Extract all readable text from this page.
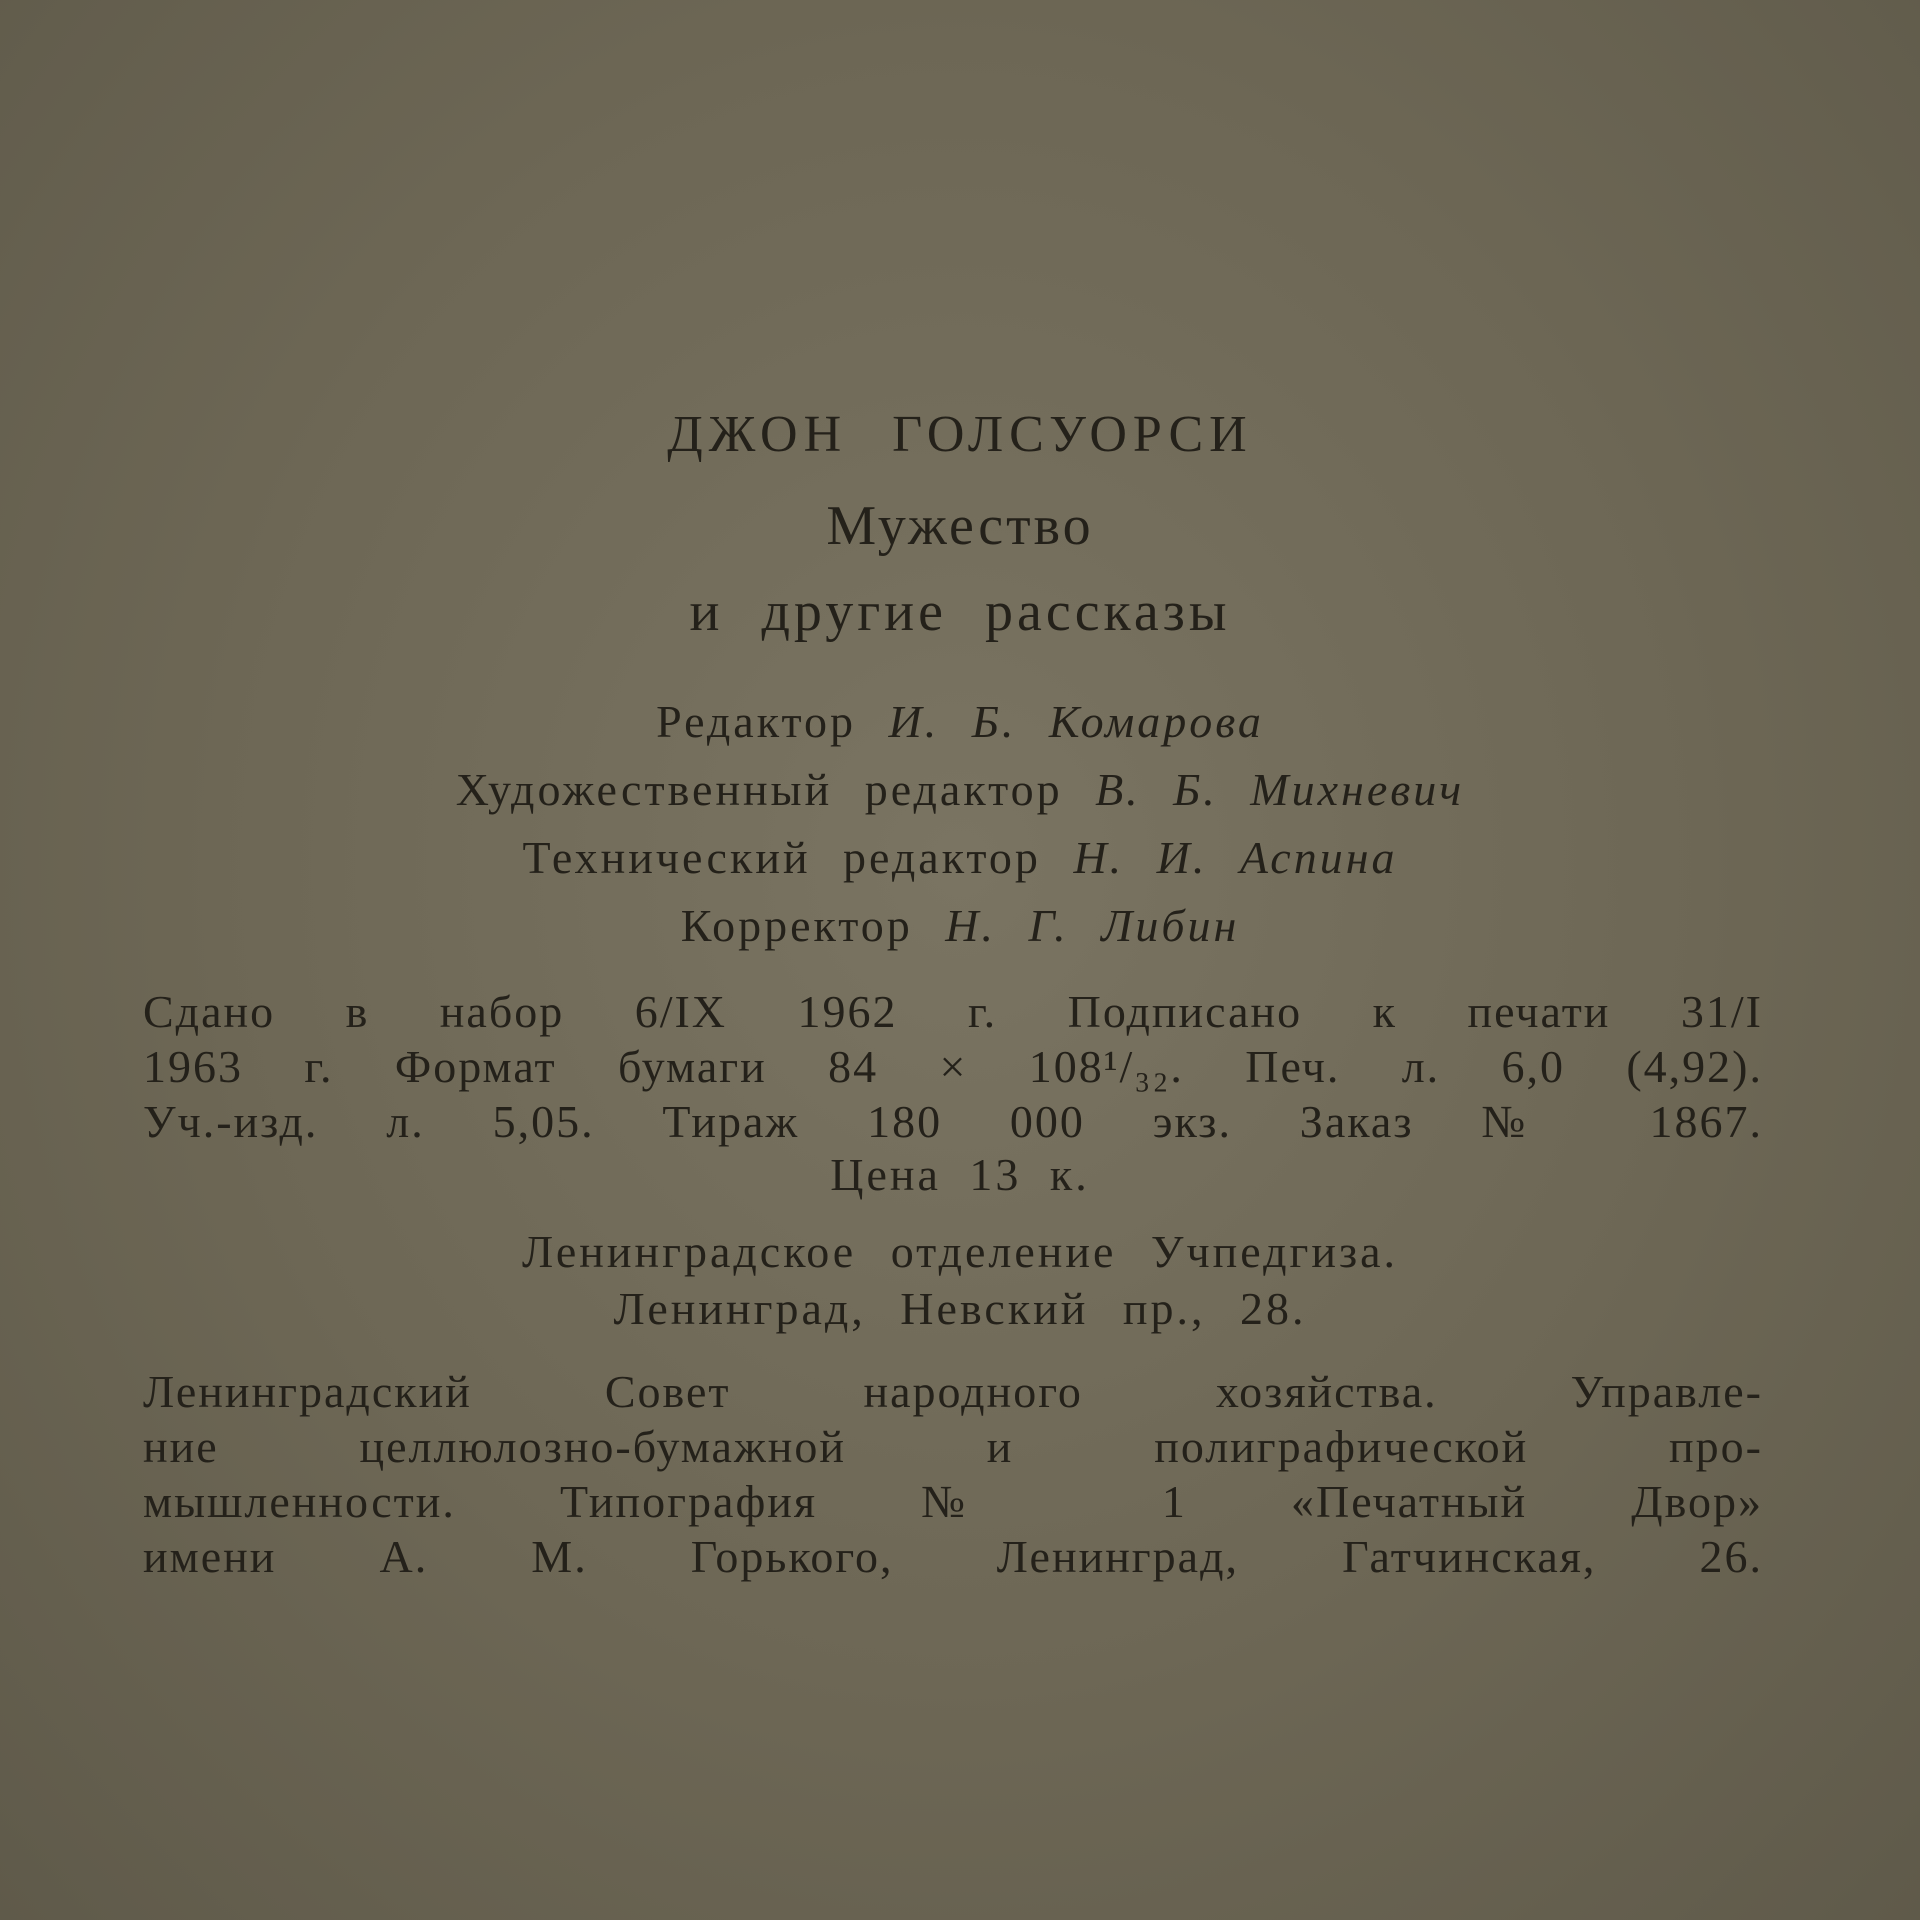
ДЖОН ГОЛСУОРСИ
Мужество
и другие рассказы
Редактор И. Б. Комарова
Художественный редактор В. Б. Михневич
Технический редактор Н. И. Аспина
Корректор Н. Г. Либин
Сдано в набор 6/IX 1962 г. Подписано к печати 31/I
1963 г. Формат бумаги 84 × 108¹/₃₂. Печ. л. 6,0 (4,92).
Уч.-изд. л. 5,05. Тираж 180 000 экз. Заказ № 1867.
Цена 13 к.
Ленинградское отделение Учпедгиза.
Ленинград, Невский пр., 28.
Ленинградский Совет народного хозяйства. Управле-
ние целлюлозно-бумажной и полиграфической про-
мышленности. Типография № 1 «Печатный Двор»
имени А. М. Горького, Ленинград, Гатчинская, 26.
